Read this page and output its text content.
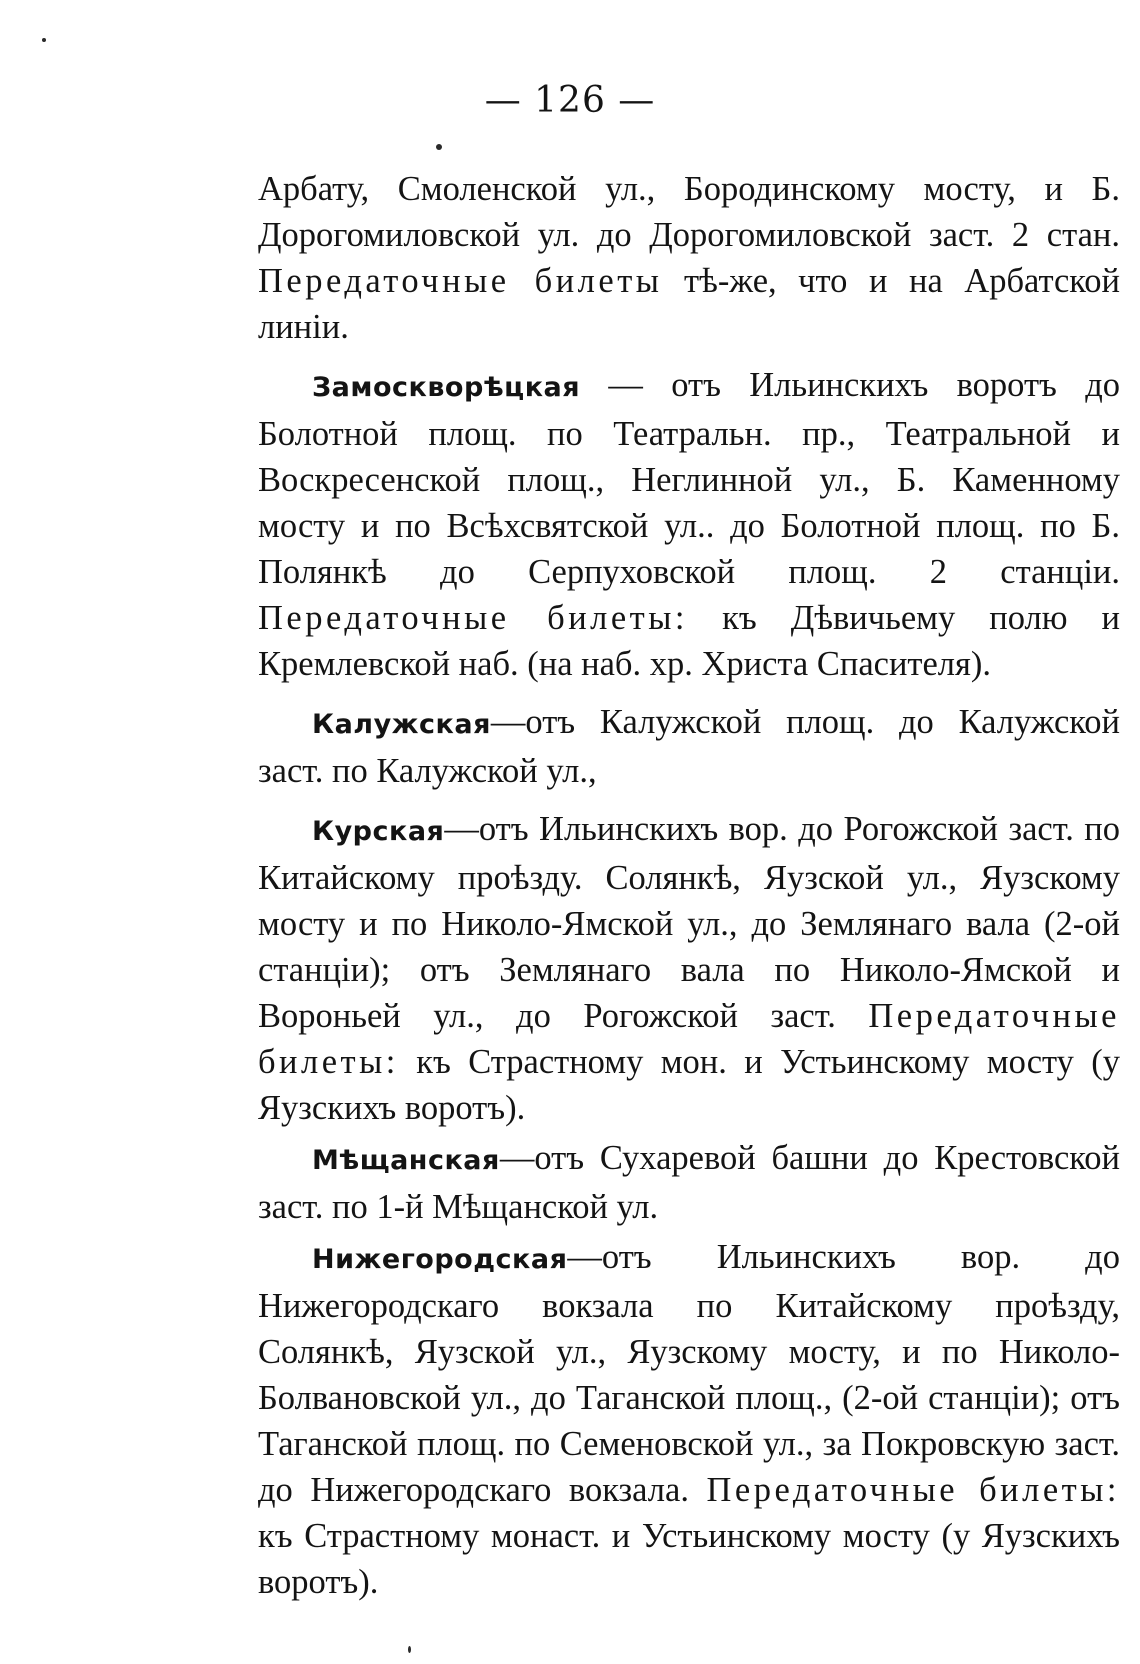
— 126 —

Арбату, Смоленской ул., Бородинскому мосту, и Б. Дорогомиловской ул. до Дорогомиловской заст. 2 стан. Передаточные билеты тѣ-же, что и на Арбатской линiи.

Замоскворѣцкая — отъ Ильинскихъ воротъ до Болотной площ. по Театральн. пр., Театральной и Воскресенской площ., Неглинной ул., Б. Каменному мосту и по Всѣхсвятской ул.. до Болотной площ. по Б. Полянкѣ до Серпуховской площ. 2 станцiи. Передаточные билеты: къ Дѣвичьему полю и Кремлевской наб. (на наб. хр. Христа Спасителя).

Калужская—отъ Калужской площ. до Калужской заст. по Калужской ул.,

Курская—отъ Ильинскихъ вор. до Рогожской заст. по Китайскому проѣзду. Солянкѣ, Яузской ул., Яузскому мосту и по Николо-Ямской ул., до Землянаго вала (2-ой станцiи); отъ Землянаго вала по Николо-Ямской и Вороньей ул., до Рогожской заст. Передаточные билеты: къ Страстному мон. и Устьинскому мосту (у Яузскихъ воротъ).

Мѣщанская—отъ Сухаревой башни до Крестовской заст. по 1-й Мѣщанской ул.

Нижегородская—отъ Ильинскихъ вор. до Нижегородскаго вокзала по Китайскому проѣзду, Солянкѣ, Яузской ул., Яузскому мосту, и по Николо-Болвановской ул., до Таганской площ., (2-ой станцiи); отъ Таганской площ. по Семеновской ул., за Покровскую заст. до Нижегородскаго вокзала. Передаточные билеты: къ Страстному монаст. и Устьинскому мосту (у Яузскихъ воротъ).
